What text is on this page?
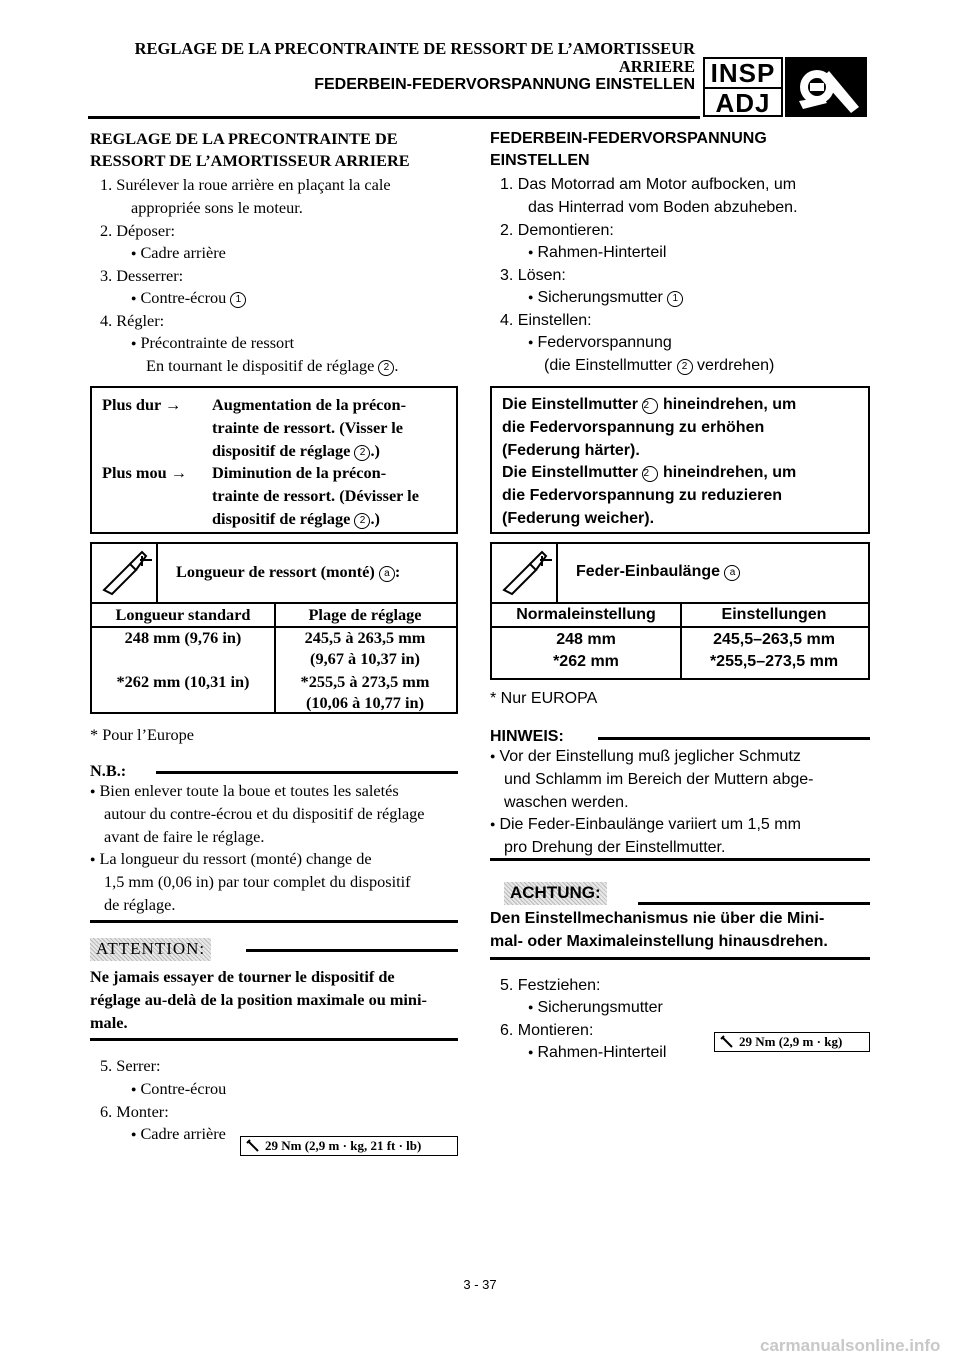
REGLAGE DE LA PRECONTRAINTE DE RESSORT DE L’AMORTISSEUR
ARRIERE
FEDERBEIN-FEDERVORSPANNUNG EINSTELLEN INSP
ADJ
REGLAGE DE LA PRECONTRAINTE DE
RESSORT DE L’AMORTISSEUR ARRIERE
1. Surélever la roue arrière en plaçant la cale
appropriée sons le moteur.
2. Déposer:
● Cadre arrière
3. Desserrer:
● Contre-écrou 1
4. Régler:
● Précontrainte de ressort
En tournant le dispositif de réglage 2 .
Plus dur → Augmentation de la précon-
trainte de ressort. (Visser le
dispositif de réglage 2 .)
Plus mou → Diminution de la précon-
trainte de ressort. (Dévisser le
dispositif de réglage 2 .)
Longueur de ressort (monté) a :
Longueur standard	Plage de réglage
248 mm (9,76 in)	245,5 à 263,5 mm
(9,67 à 10,37 in)
*262 mm (10,31 in)	*255,5 à 273,5 mm
(10,06 à 10,77 in)
* Pour l’Europe
N.B.:
● Bien enlever toute la boue et toutes les saletés
autour du contre-écrou et du dispositif de réglage
avant de faire le réglage.
● La longueur du ressort (monté) change de
1,5 mm (0,06 in) par tour complet du dispositif
de réglage.
ATTENTION:
Ne jamais essayer de tourner le dispositif de
réglage au-delà de la position maximale ou mini-
male.
5. Serrer:
● Contre-écrou
6. Monter:
● Cadre arrière
29 Nm (2,9 m · kg, 21 ft · lb)
FEDERBEIN-FEDERVORSPANNUNG
EINSTELLEN
1. Das Motorrad am Motor aufbocken, um
das Hinterrad vom Boden abzuheben.
2. Demontieren:
● Rahmen-Hinterteil
3. Lösen:
● Sicherungsmutter 1
4. Einstellen:
● Federvorspannung
(die Einstellmutter 2 verdrehen)
Die Einstellmutter 2 hineindrehen, um
die Federvorspannung zu erhöhen
(Federung härter).
Die Einstellmutter 2 hineindrehen, um
die Federvorspannung zu reduzieren
(Federung weicher).
Feder-Einbaulänge a
Normaleinstellung	Einstellungen
248 mm	245,5–263,5 mm
*262 mm	*255,5–273,5 mm
* Nur EUROPA
HINWEIS:
● Vor der Einstellung muß jeglicher Schmutz
und Schlamm im Bereich der Muttern abge-
waschen werden.
● Die Feder-Einbaulänge variiert um 1,5 mm
pro Drehung der Einstellmutter.
ACHTUNG:
Den Einstellmechanismus nie über die Mini-
mal- oder Maximaleinstellung hinausdrehen.
5. Festziehen:
● Sicherungsmutter
6. Montieren:
● Rahmen-Hinterteil
29 Nm (2,9 m · kg)
3 - 37
carmanualsonline.info
